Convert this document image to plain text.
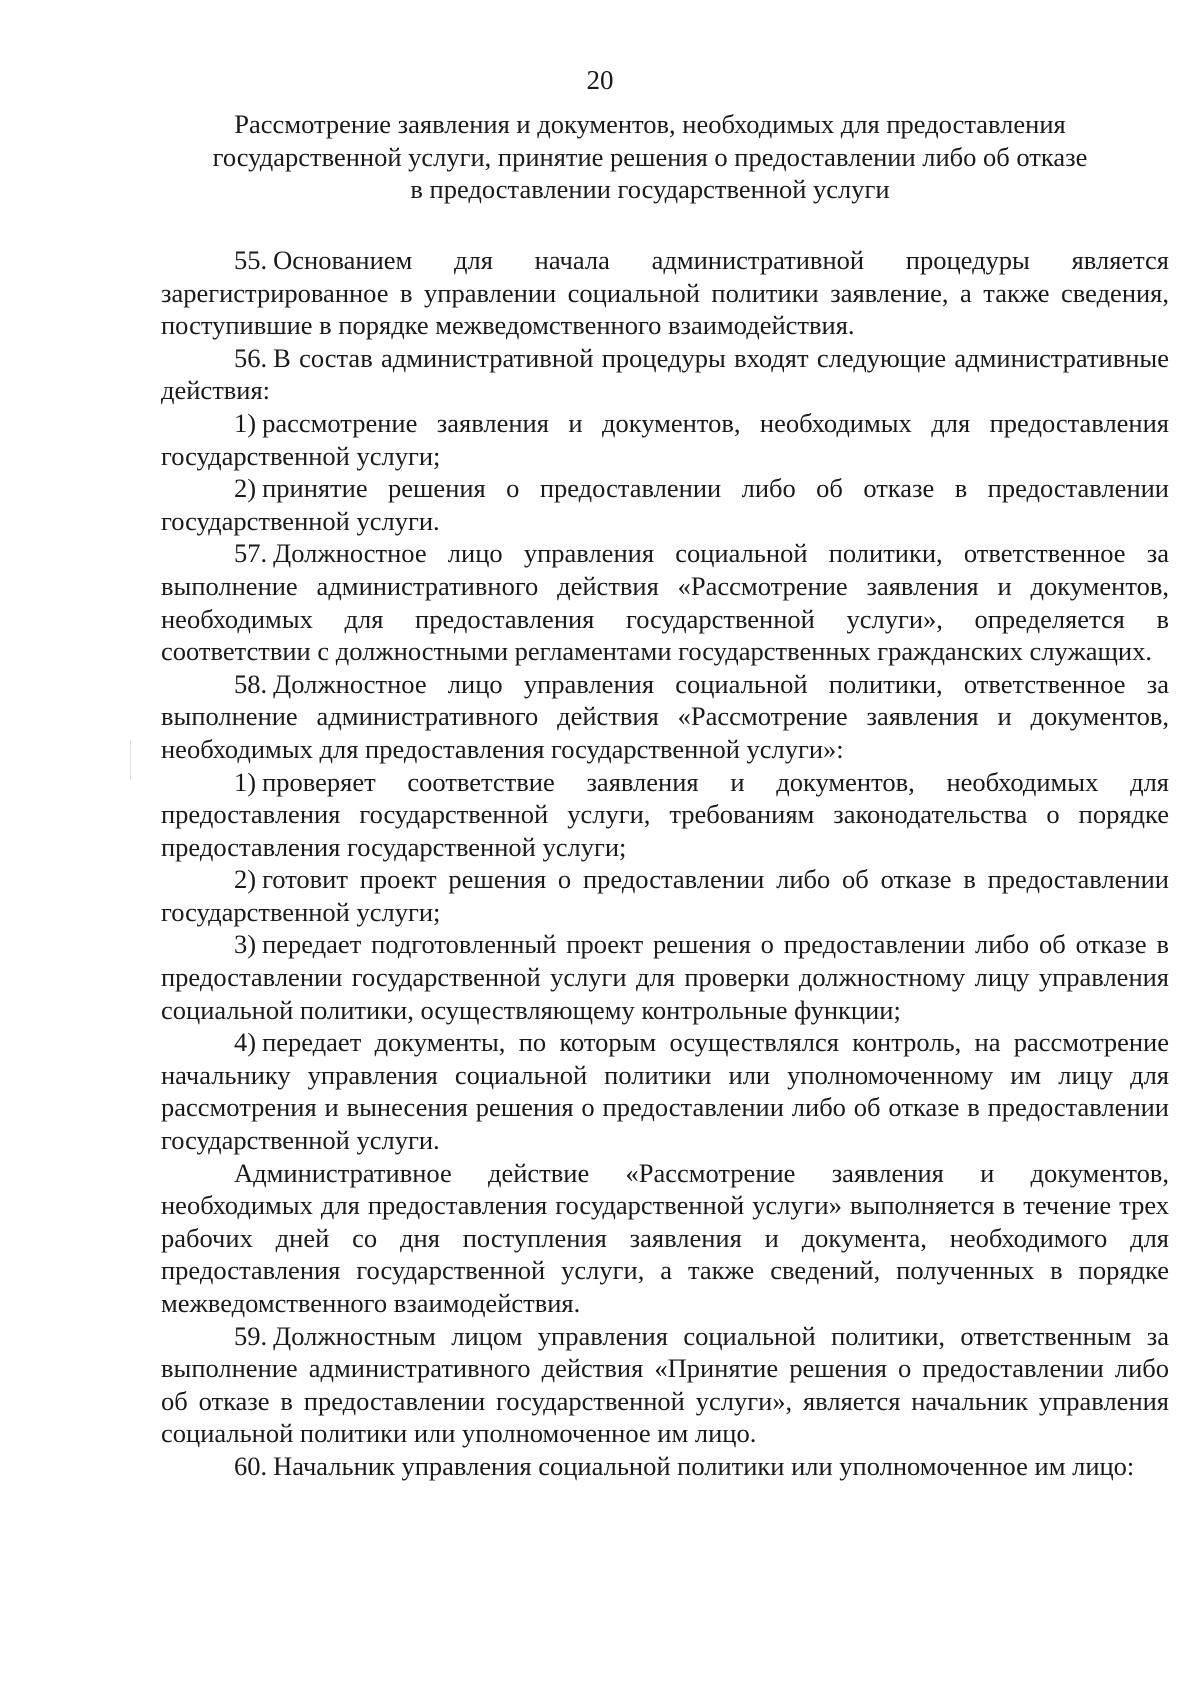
20
Рассмотрение заявления и документов, необходимых для предоставления
государственной услуги, принятие решения о предоставлении либо об отказе
в предоставлении государственной услуги

55. Основанием для начала административной процедуры является зарегистрированное в управлении социальной политики заявление, а также сведения, поступившие в порядке межведомственного взаимодействия.

56. В состав административной процедуры входят следующие административные действия:

1) рассмотрение заявления и документов, необходимых для предоставления государственной услуги;

2) принятие решения о предоставлении либо об отказе в предоставлении государственной услуги.

57. Должностное лицо управления социальной политики, ответственное за выполнение административного действия «Рассмотрение заявления и документов, необходимых для предоставления государственной услуги», определяется в соответствии с должностными регламентами государственных гражданских служащих.

58. Должностное лицо управления социальной политики, ответственное за выполнение административного действия «Рассмотрение заявления и документов, необходимых для предоставления государственной услуги»:

1) проверяет соответствие заявления и документов, необходимых для предоставления государственной услуги, требованиям законодательства о порядке предоставления государственной услуги;

2) готовит проект решения о предоставлении либо об отказе в предоставлении государственной услуги;

3) передает подготовленный проект решения о предоставлении либо об отказе в предоставлении государственной услуги для проверки должностному лицу управления социальной политики, осуществляющему контрольные функции;

4) передает документы, по которым осуществлялся контроль, на рассмотрение начальнику управления социальной политики или уполномоченному им лицу для рассмотрения и вынесения решения о предоставлении либо об отказе в предоставлении государственной услуги.

Административное действие «Рассмотрение заявления и документов, необходимых для предоставления государственной услуги» выполняется в течение трех рабочих дней со дня поступления заявления и документа, необходимого для предоставления государственной услуги, а также сведений, полученных в порядке межведомственного взаимодействия.

59. Должностным лицом управления социальной политики, ответственным за выполнение административного действия «Принятие решения о предоставлении либо об отказе в предоставлении государственной услуги», является начальник управления социальной политики или уполномоченное им лицо.

60. Начальник управления социальной политики или уполномоченное им лицо:
